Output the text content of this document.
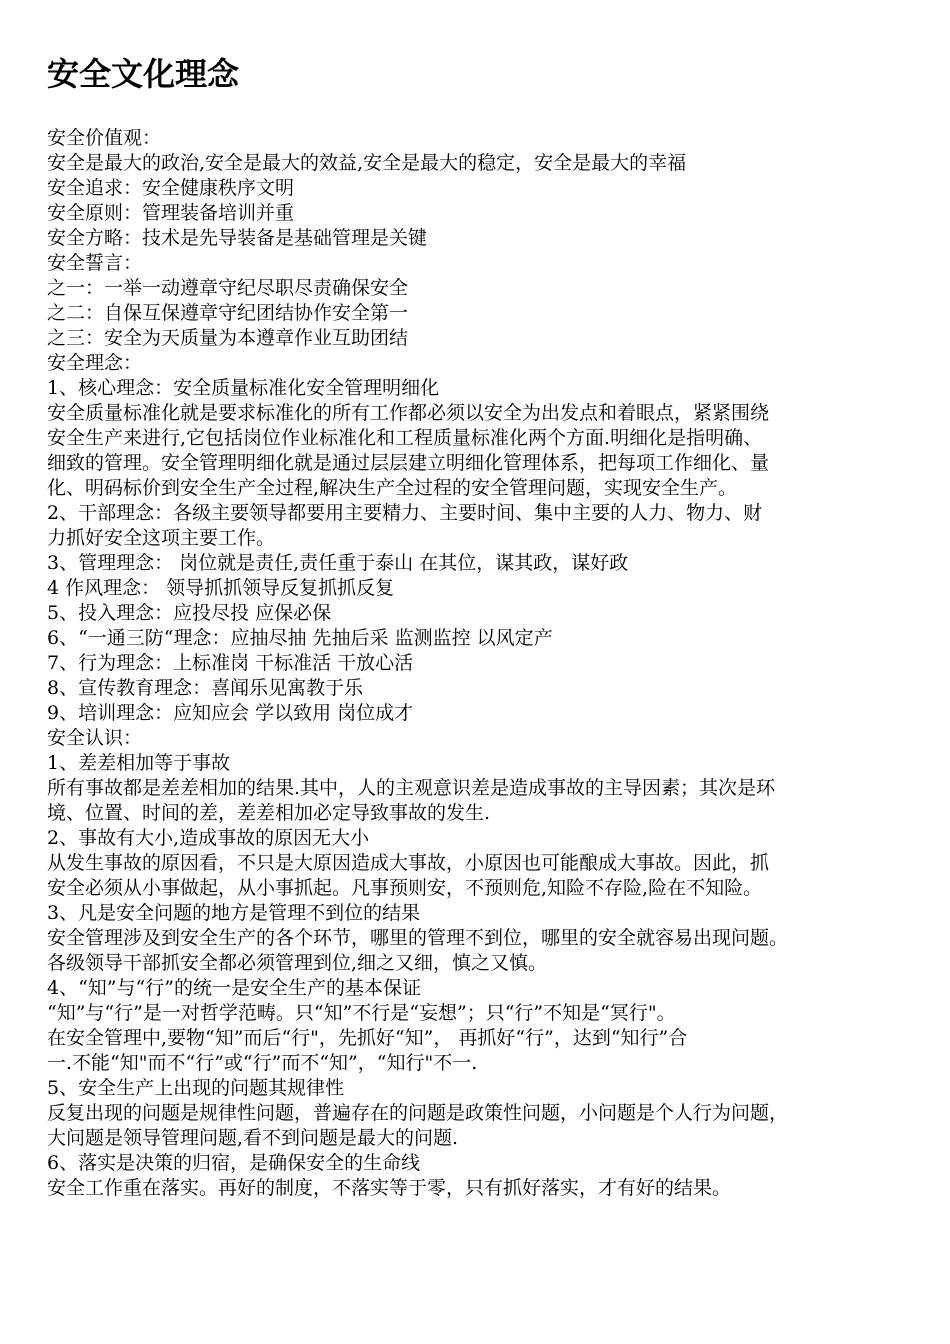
安全文化理念
安全价值观：
安全是最大的政治,安全是最大的效益,安全是最大的稳定，安全是最大的幸福
安全追求：安全健康秩序文明
安全原则：管理装备培训并重
安全方略：技术是先导装备是基础管理是关键
安全誓言：
之一：一举一动遵章守纪尽职尽责确保安全
之二：自保互保遵章守纪团结协作安全第一
之三：安全为天质量为本遵章作业互助团结
安全理念：
1、核心理念：安全质量标准化安全管理明细化
安全质量标准化就是要求标准化的所有工作都必须以安全为出发点和着眼点，紧紧围绕
安全生产来进行,它包括岗位作业标准化和工程质量标准化两个方面.明细化是指明确、
细致的管理。安全管理明细化就是通过层层建立明细化管理体系，把每项工作细化、量
化、明码标价到安全生产全过程,解决生产全过程的安全管理问题，实现安全生产。
2、干部理念：各级主要领导都要用主要精力、主要时间、集中主要的人力、物力、财
力抓好安全这项主要工作。
3、管理理念： 岗位就是责任,责任重于泰山 在其位，谋其政，谋好政
4 作风理念： 领导抓抓领导反复抓抓反复
5、投入理念：应投尽投 应保必保
6、“一通三防“理念：应抽尽抽 先抽后采 监测监控 以风定产
7、行为理念：上标准岗 干标准活 干放心活
8、宣传教育理念：喜闻乐见寓教于乐
9、培训理念：应知应会 学以致用 岗位成才
安全认识：
1、差差相加等于事故
所有事故都是差差相加的结果.其中，人的主观意识差是造成事故的主导因素；其次是环
境、位置、时间的差，差差相加必定导致事故的发生.
2、事故有大小,造成事故的原因无大小
从发生事故的原因看，不只是大原因造成大事故，小原因也可能酿成大事故。因此，抓
安全必须从小事做起，从小事抓起。凡事预则安，不预则危,知险不存险,险在不知险。
3、凡是安全问题的地方是管理不到位的结果
安全管理涉及到安全生产的各个环节，哪里的管理不到位，哪里的安全就容易出现问题。
各级领导干部抓安全都必须管理到位,细之又细，慎之又慎。
4、“知”与“行”的统一是安全生产的基本保证
“知”与“行”是一对哲学范畴。只“知”不行是“妄想”；只“行”不知是“冥行"。
在安全管理中,要物“知”而后“行"，先抓好“知”， 再抓好“行”，达到“知行”合
一.不能“知"而不“行”或“行”而不“知”，“知行"不一.
5、安全生产上出现的问题其规律性
反复出现的问题是规律性问题，普遍存在的问题是政策性问题，小问题是个人行为问题，
大问题是领导管理问题,看不到问题是最大的问题.
6、落实是决策的归宿，是确保安全的生命线
安全工作重在落实。再好的制度，不落实等于零，只有抓好落实，才有好的结果。
